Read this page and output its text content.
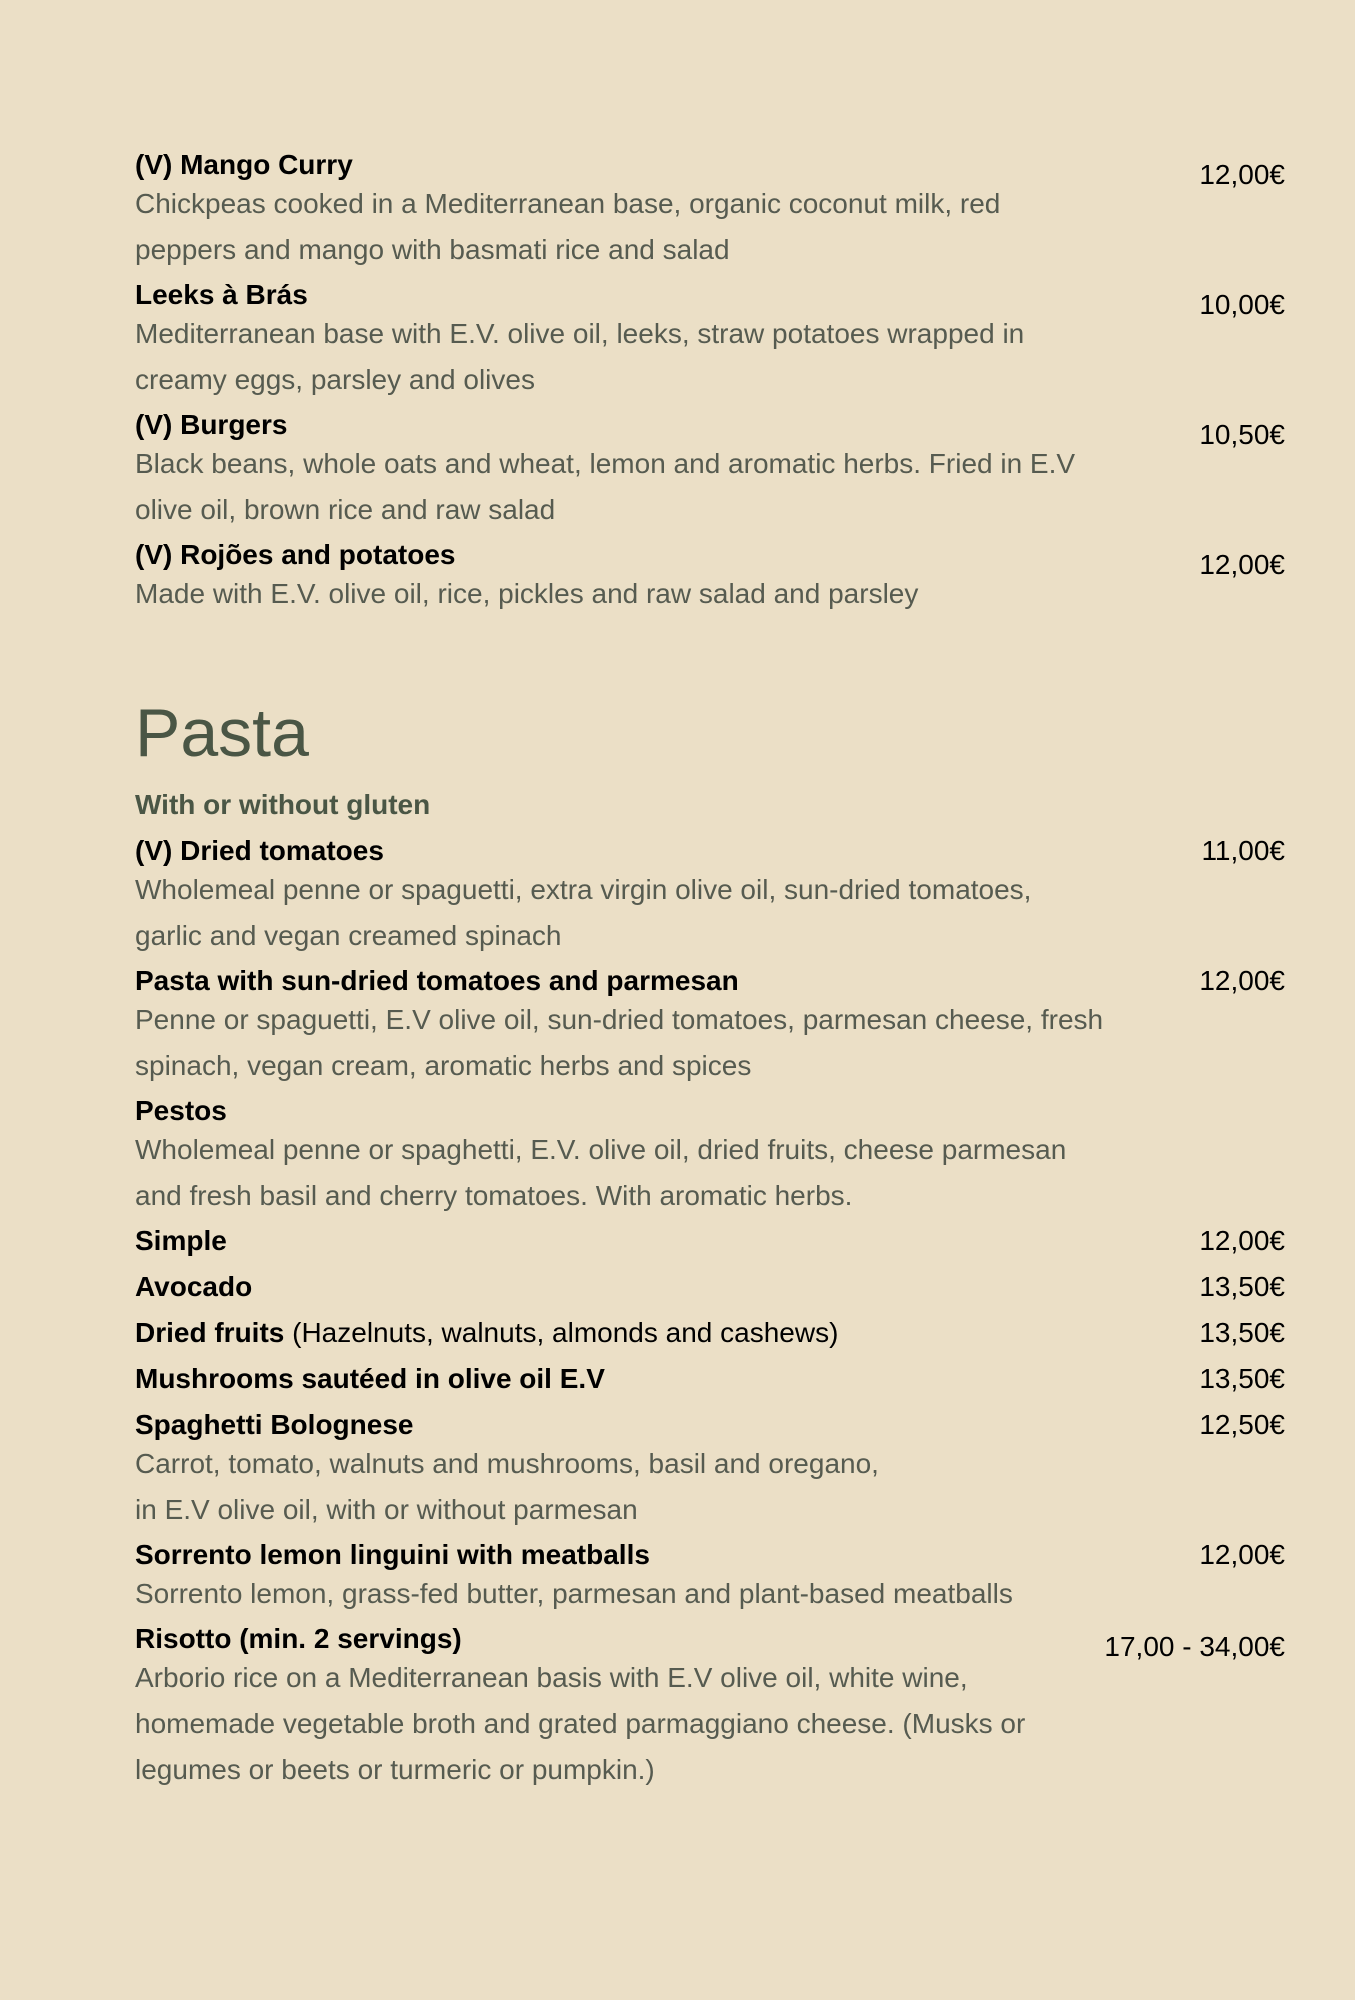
12,00€
(V) Mango Curry
Chickpeas cooked in a Mediterranean base, organic coconut milk, red peppers and mango with basmati rice and salad
10,00€
Leeks à Brás
Mediterranean base with E.V. olive oil, leeks, straw potatoes wrapped in creamy eggs, parsley and olives
10,50€
(V) Burgers
Black beans, whole oats and wheat, lemon and aromatic herbs. Fried in E.V olive oil, brown rice and raw salad
12,00€
(V) Rojões and potatoes
Made with E.V. olive oil, rice, pickles and raw salad and parsley
Pasta
With or without gluten
11,00€
(V) Dried tomatoes
Wholemeal penne or spaguetti, extra virgin olive oil, sun-dried tomatoes, garlic and vegan creamed spinach
12,00€
Pasta with sun-dried tomatoes and parmesan
Penne or spaguetti, E.V olive oil, sun-dried tomatoes, parmesan cheese, fresh spinach, vegan cream, aromatic herbs and spices
Pestos
Wholemeal penne or spaghetti, E.V. olive oil, dried fruits, cheese parmesan and fresh basil and cherry tomatoes. With aromatic herbs.
12,00€
Simple
13,50€
Avocado
13,50€
Dried fruits (Hazelnuts, walnuts, almonds and cashews)
13,50€
Mushrooms sautéed in olive oil E.V
12,50€
Spaghetti Bolognese
Carrot, tomato, walnuts and mushrooms, basil and oregano,
in E.V olive oil, with or without parmesan
12,00€
Sorrento lemon linguini with meatballs
Sorrento lemon, grass-fed butter, parmesan and plant-based meatballs
17,00 - 34,00€
Risotto (min. 2 servings)
Arborio rice on a Mediterranean basis with E.V olive oil, white wine, homemade vegetable broth and grated parmaggiano cheese. (Musks or legumes or beets or turmeric or pumpkin.)
